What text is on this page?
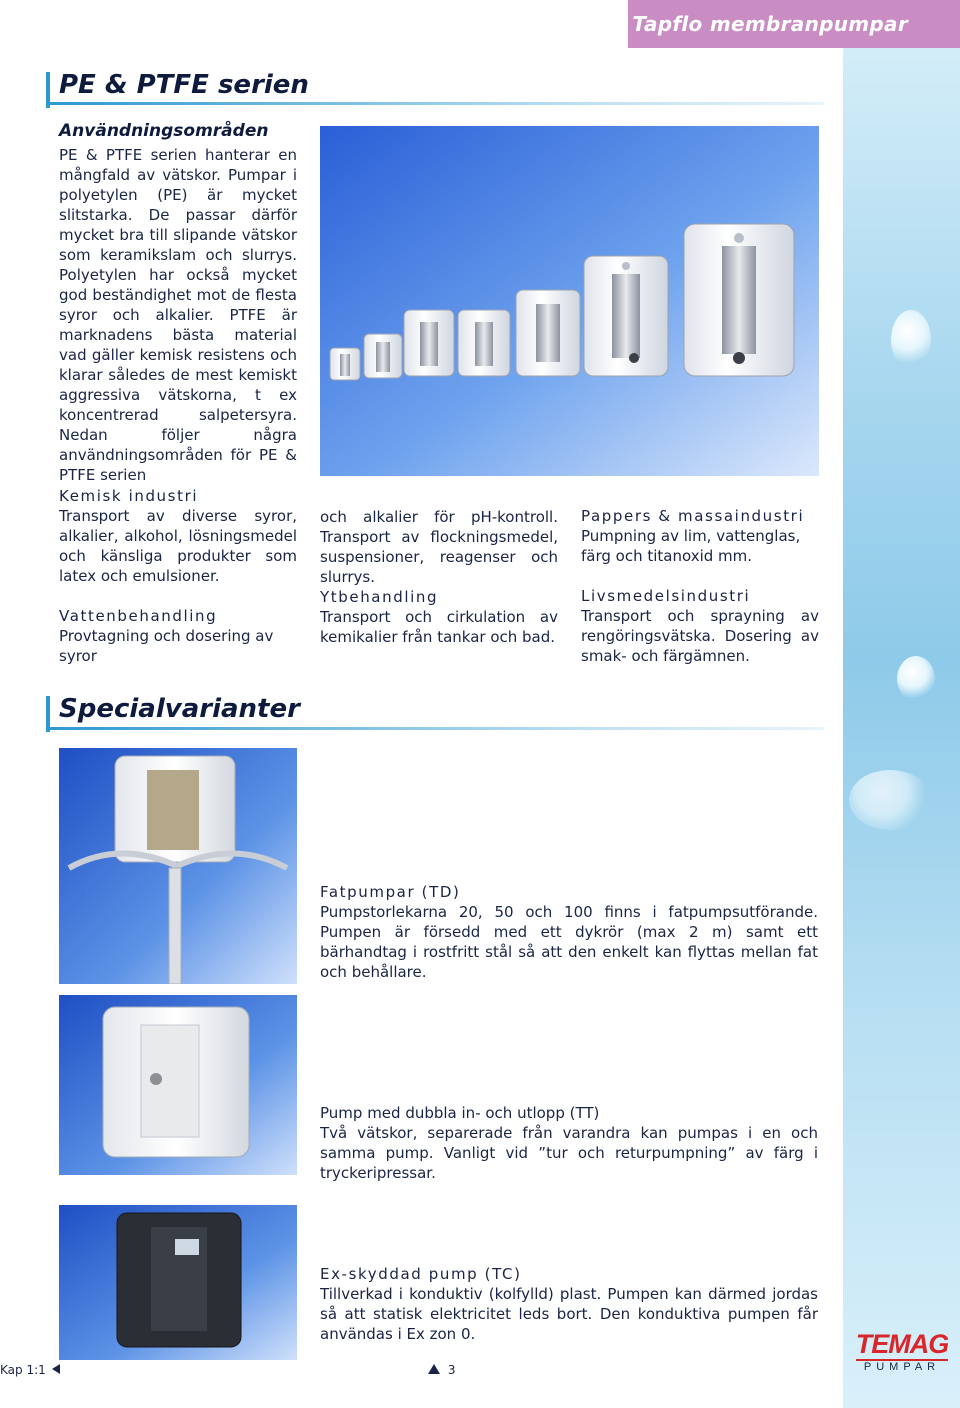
Tapflo membranpumpar
PE & PTFE serien
Användningsområden
PE & PTFE serien hanterar en mångfald av vätskor. Pumpar i polyetylen (PE) är mycket slitstarka. De passar därför mycket bra till slipande vätskor som keramikslam och slurrys. Polyetylen har också mycket god beständighet mot de flesta syror och alkalier. PTFE är marknadens bästa material vad gäller kemisk resistens och klarar således de mest kemiskt aggressiva vätskorna, t ex koncentrerad salpetersyra. Nedan följer några användningsområden för PE & PTFE serien
Kemisk industri
Transport av diverse syror, alkalier, alkohol, lösningsmedel och känsliga produkter som latex och emulsioner.
Vattenbehandling
Provtagning och dosering av syror
och alkalier för pH-kontroll. Transport av flockningsmedel, suspensioner, reagenser och slurrys.
Ytbehandling
Transport och cirkulation av kemikalier från tankar och bad.
Pappers & massaindustri
Pumpning av lim, vattenglas, färg och titanoxid mm.
Livsmedelsindustri
Transport och sprayning av rengöringsvätska. Dosering av smak- och färgämnen.
Specialvarianter
Fatpumpar (TD)
Pumpstorlekarna 20, 50 och 100 finns i fatpumpsutförande. Pumpen är försedd med ett dykrör (max 2 m) samt ett bärhandtag i rostfritt stål så att den enkelt kan flyttas mellan fat och behållare.
Pump med dubbla in- och utlopp (TT)
Två vätskor, separerade från varandra kan pumpas i en och samma pump. Vanligt vid ”tur och returpumpning” av färg i tryckeripressar.
Ex-skyddad pump (TC)
Tillverkad i konduktiv (kolfylld) plast. Pumpen kan därmed jordas så att statisk elektricitet leds bort. Den konduktiva pumpen får användas i Ex zon 0.
Kap 1:1	3
TEMAG
PUMPAR
